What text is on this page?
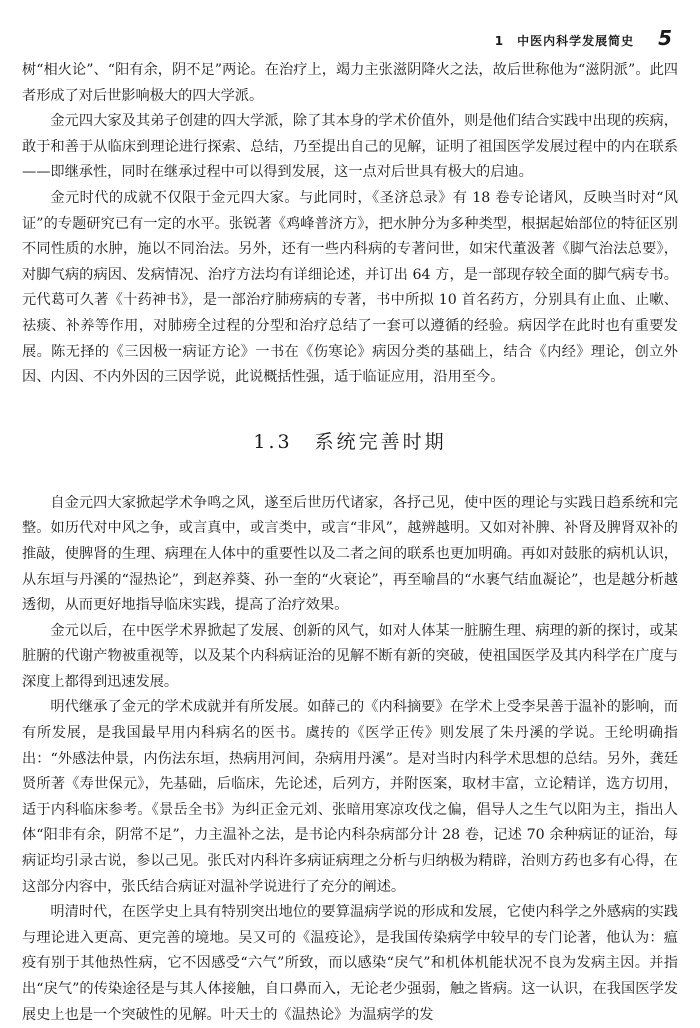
1　中医内科学发展简史 5

树“相火论”、“阳有余，阴不足”两论。在治疗上，竭力主张滋阴降火之法，故后世称他为“滋阴派”。此四者形成了对后世影响极大的四大学派。

金元四大家及其弟子创建的四大学派，除了其本身的学术价值外，则是他们结合实践中出现的疾病，敢于和善于从临床到理论进行探索、总结，乃至提出自己的见解，证明了祖国医学发展过程中的内在联系——即继承性，同时在继承过程中可以得到发展，这一点对后世具有极大的启迪。

金元时代的成就不仅限于金元四大家。与此同时，《圣济总录》有 18 卷专论诸风，反映当时对“风证”的专题研究已有一定的水平。张锐著《鸡峰普济方》，把水肿分为多种类型，根据起始部位的特征区别不同性质的水肿，施以不同治法。另外，还有一些内科病的专著问世，如宋代董汲著《脚气治法总要》，对脚气病的病因、发病情况、治疗方法均有详细论述，并订出 64 方，是一部现存较全面的脚气病专书。元代葛可久著《十药神书》，是一部治疗肺痨病的专著，书中所拟 10 首名药方，分别具有止血、止嗽、祛痰、补养等作用，对肺痨全过程的分型和治疗总结了一套可以遵循的经验。病因学在此时也有重要发展。陈无择的《三因极一病证方论》一书在《伤寒论》病因分类的基础上，结合《内经》理论，创立外因、内因、不内外因的三因学说，此说概括性强，适于临证应用，沿用至今。

1.3 系统完善时期

自金元四大家掀起学术争鸣之风，遂至后世历代诸家，各抒己见，使中医的理论与实践日趋系统和完整。如历代对中风之争，或言真中，或言类中，或言“非风”，越辨越明。又如对补脾、补肾及脾肾双补的推敲，使脾肾的生理、病理在人体中的重要性以及二者之间的联系也更加明确。再如对鼓胀的病机认识，从东垣与丹溪的“湿热论”，到赵养葵、孙一奎的“火衰论”，再至喻昌的“水裹气结血凝论”，也是越分析越透彻，从而更好地指导临床实践，提高了治疗效果。

金元以后，在中医学术界掀起了发展、创新的风气，如对人体某一脏腑生理、病理的新的探讨，或某脏腑的代谢产物被重视等，以及某个内科病证治的见解不断有新的突破，使祖国医学及其内科学在广度与深度上都得到迅速发展。

明代继承了金元的学术成就并有所发展。如薛己的《内科摘要》在学术上受李杲善于温补的影响，而有所发展，是我国最早用内科病名的医书。虞抟的《医学正传》则发展了朱丹溪的学说。王纶明确指出：“外感法仲景，内伤法东垣，热病用河间，杂病用丹溪”。是对当时内科学术思想的总结。另外，龚廷贤所著《寿世保元》，先基础，后临床，先论述，后列方，并附医案，取材丰富，立论精详，选方切用，适于内科临床参考。《景岳全书》为纠正金元刘、张暗用寒凉攻伐之偏，倡导人之生气以阳为主，指出人体“阳非有余，阴常不足”，力主温补之法，是书论内科杂病部分计 28 卷，记述 70 余种病证的证治，每病证均引录古说，参以己见。张氏对内科许多病证病理之分析与归纳极为精辟，治则方药也多有心得，在这部分内容中，张氏结合病证对温补学说进行了充分的阐述。

明清时代，在医学史上具有特别突出地位的要算温病学说的形成和发展，它使内科学之外感病的实践与理论进入更高、更完善的境地。吴又可的《温疫论》，是我国传染病学中较早的专门论著，他认为：瘟疫有别于其他热性病，它不因感受“六气”所致，而以感染“戾气”和机体机能状况不良为发病主因。并指出“戾气”的传染途径是与其人体接触，自口鼻而入，无论老少强弱，触之皆病。这一认识，在我国医学发展史上也是一个突破性的见解。叶天士的《温热论》为温病学的发
